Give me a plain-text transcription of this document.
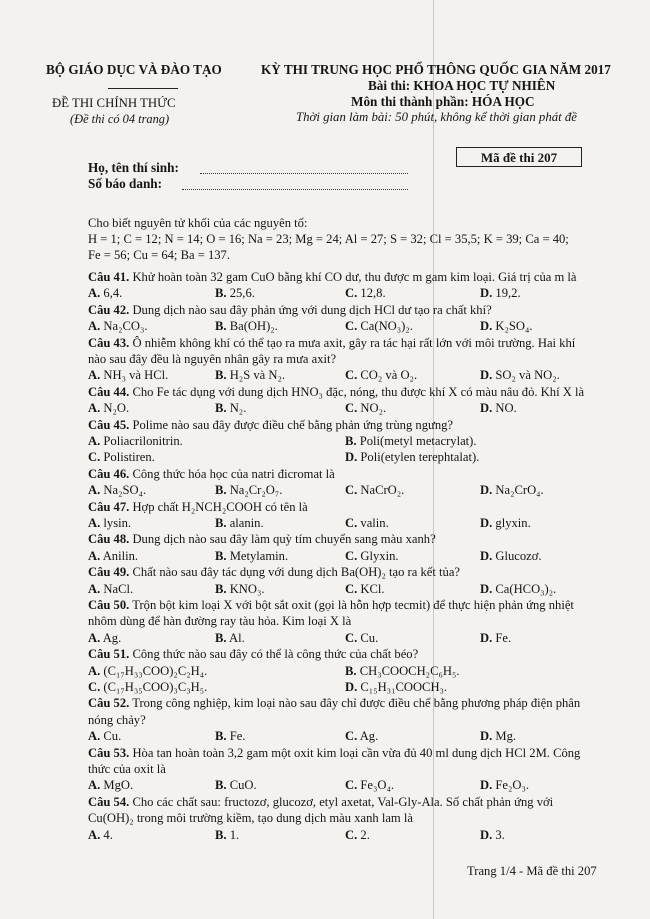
BỘ GIÁO DỤC VÀ ĐÀO TẠO
ĐỀ THI CHÍNH THỨC
(Đề thi có 04 trang)
KỲ THI TRUNG HỌC PHỔ THÔNG QUỐC GIA NĂM 2017
Bài thi: KHOA HỌC TỰ NHIÊN
Môn thi thành phần: HÓA HỌC
Thời gian làm bài: 50 phút, không kể thời gian phát đề
Họ, tên thí sinh:
Số báo danh:
Mã đề thi 207
Cho biết nguyên tử khối của các nguyên tố:
H = 1; C = 12; N = 14; O = 16; Na = 23; Mg = 24; Al = 27; S = 32; Cl = 35,5; K = 39; Ca = 40;
Fe = 56; Cu = 64; Ba = 137.
Câu 41. Khử hoàn toàn 32 gam CuO bằng khí CO dư, thu được m gam kim loại. Giá trị của m là
A. 6,4.	B. 25,6.	C. 12,8.	D. 19,2.
Câu 42. Dung dịch nào sau đây phản ứng với dung dịch HCl dư tạo ra chất khí?
A. Na₂CO₃.	B. Ba(OH)₂.	C. Ca(NO₃)₂.	D. K₂SO₄.
Câu 43. Ô nhiễm không khí có thể tạo ra mưa axit, gây ra tác hại rất lớn với môi trường. Hai khí
nào sau đây đều là nguyên nhân gây ra mưa axit?
A. NH₃ và HCl.	B. H₂S và N₂.	C. CO₂ và O₂.	D. SO₂ và NO₂.
Câu 44. Cho Fe tác dụng với dung dịch HNO₃ đặc, nóng, thu được khí X có màu nâu đỏ. Khí X là
A. N₂O.	B. N₂.	C. NO₂.	D. NO.
Câu 45. Polime nào sau đây được điều chế bằng phản ứng trùng ngưng?
A. Poliacrilonitrin.	B. Poli(metyl metacrylat).
C. Polistiren.	D. Poli(etylen terephtalat).
Câu 46. Công thức hóa học của natri đicromat là
A. Na₂SO₄.	B. Na₂Cr₂O₇.	C. NaCrO₂.	D. Na₂CrO₄.
Câu 47. Hợp chất H₂NCH₂COOH có tên là
A. lysin.	B. alanin.	C. valin.	D. glyxin.
Câu 48. Dung dịch nào sau đây làm quỳ tím chuyển sang màu xanh?
A. Anilin.	B. Metylamin.	C. Glyxin.	D. Glucozơ.
Câu 49. Chất nào sau đây tác dụng với dung dịch Ba(OH)₂ tạo ra kết tủa?
A. NaCl.	B. KNO₃.	C. KCl.	D. Ca(HCO₃)₂.
Câu 50. Trộn bột kim loại X với bột sắt oxit (gọi là hỗn hợp tecmit) để thực hiện phản ứng nhiệt
nhôm dùng để hàn đường ray tàu hỏa. Kim loại X là
A. Ag.	B. Al.	C. Cu.	D. Fe.
Câu 51. Công thức nào sau đây có thể là công thức của chất béo?
A. (C₁₇H₃₃COO)₂C₂H₄.	B. CH₃COOCH₂C₆H₅.
C. (C₁₇H₃₅COO)₃C₃H₅.	D. C₁₅H₃₁COOCH₃.
Câu 52. Trong công nghiệp, kim loại nào sau đây chỉ được điều chế bằng phương pháp điện phân
nóng chảy?
A. Cu.	B. Fe.	C. Ag.	D. Mg.
Câu 53. Hòa tan hoàn toàn 3,2 gam một oxit kim loại cần vừa đủ 40 ml dung dịch HCl 2M. Công
thức của oxit là
A. MgO.	B. CuO.	C. Fe₃O₄.	D. Fe₂O₃.
Câu 54. Cho các chất sau: fructozơ, glucozơ, etyl axetat, Val-Gly-Ala. Số chất phản ứng với
Cu(OH)₂ trong môi trường kiềm, tạo dung dịch màu xanh lam là
A. 4.	B. 1.	C. 2.	D. 3.
Trang 1/4 - Mã đề thi 207
